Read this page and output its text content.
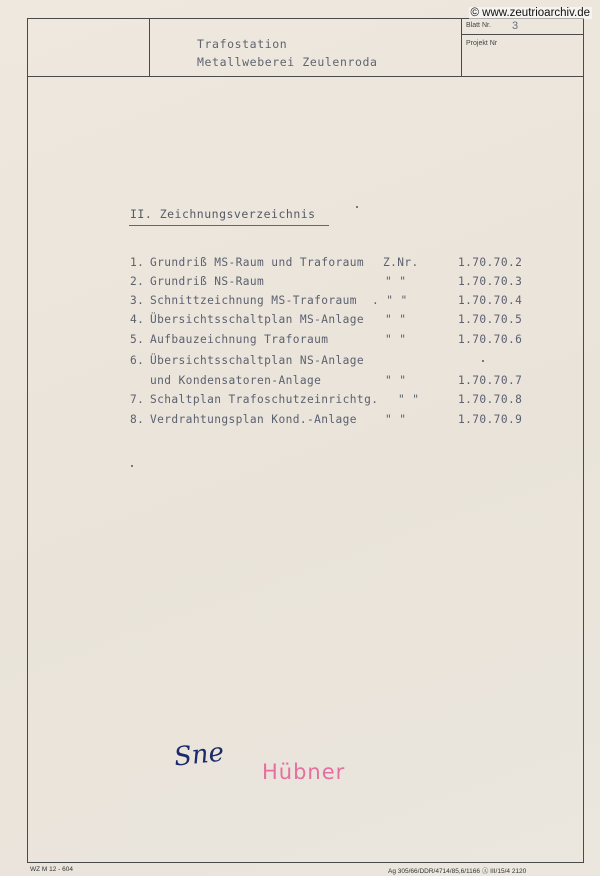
Trafostation
Metallweberei Zeulenroda
Blatt Nr. 3
Projekt Nr
© www.zeutrioarchiv.de
II. Zeichnungsverzeichnis
1. Grundriß MS-Raum und Traforaum Z.Nr.	1.70.70.2
2. Grundriß NS-Raum	" "	1.70.70.3
3. Schnittzeichnung MS-Traforaum . " "	1.70.70.4
4. Übersichtsschaltplan MS-Anlage " "	1.70.70.5
5. Aufbauzeichnung Traforaum	" "	1.70.70.6
6. Übersichtsschaltplan NS-Anlage
und Kondensatoren-Anlage	" "	1.70.70.7
7. Schaltplan Trafoschutzeinrichtg. " "	1.70.70.8
8. Verdrahtungsplan Kond.-Anlage	" "	1.70.70.9
Sne Hübner
WZ M 12 - 604	Ag 305/66/DDR/4714/85,6/1166 Ⓐ III/15/4 2120
